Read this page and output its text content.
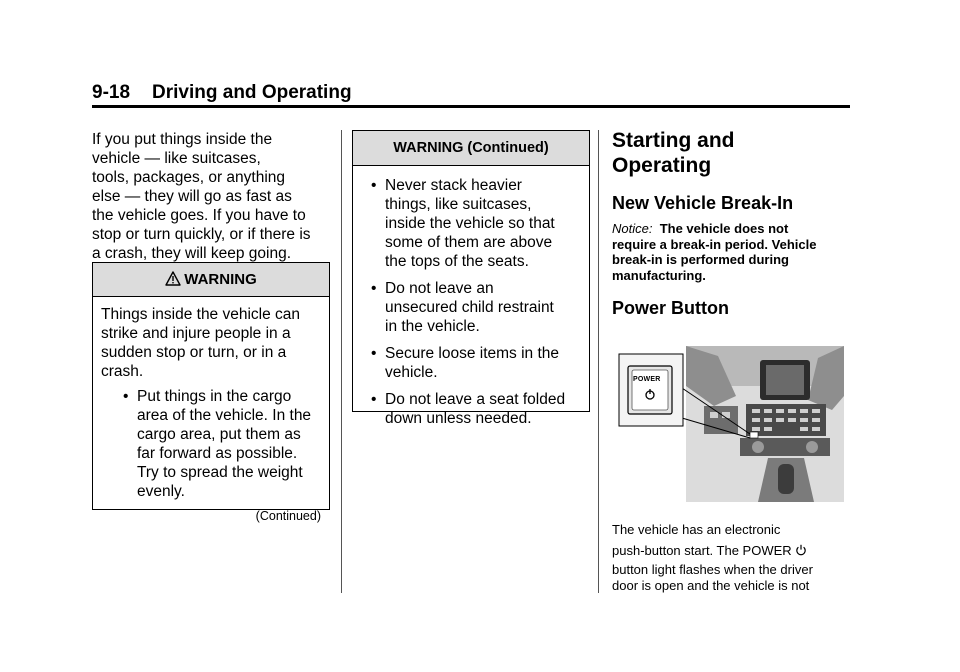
9-18 Driving and Operating
If you put things inside the
vehicle — like suitcases,
tools, packages, or anything
else — they will go as fast as
the vehicle goes. If you have to
stop or turn quickly, or if there is
a crash, they will keep going.
WARNING
Things inside the vehicle can
strike and injure people in a
sudden stop or turn, or in a
crash.
• Put things in the cargo
area of the vehicle. In the
cargo area, put them as
far forward as possible.
Try to spread the weight
evenly.
(Continued)
WARNING (Continued)
• Never stack heavier
things, like suitcases,
inside the vehicle so that
some of them are above
the tops of the seats.
• Do not leave an
unsecured child restraint
in the vehicle.
• Secure loose items in the
vehicle.
• Do not leave a seat folded
down unless needed.
Starting and
Operating
New Vehicle Break-In
Notice: The vehicle does not
require a break-in period. Vehicle
break-in is performed during
manufacturing.
Power Button
POWER
The vehicle has an electronic
push-button start. The POWER
button light flashes when the driver
door is open and the vehicle is not
